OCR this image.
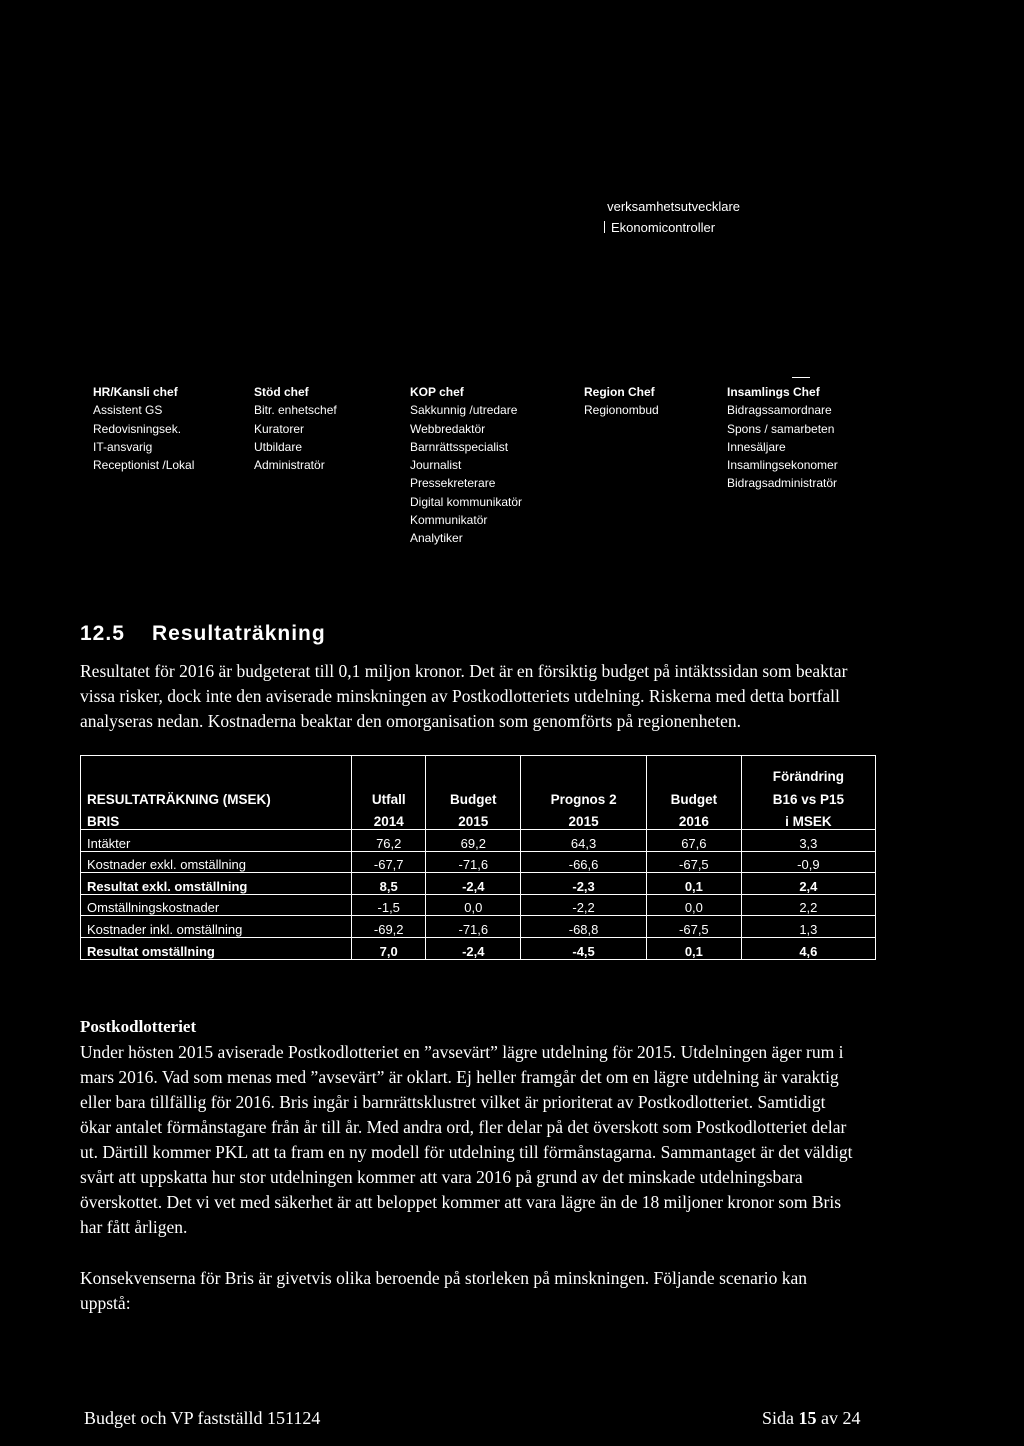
 verksamhetsutvecklare
Ekonomicontroller
HR/Kansli chef
Assistent GS
Redovisningsek.
IT-ansvarig
Receptionist /Lokal
Stöd chef
Bitr. enhetschef
Kuratorer
Utbildare
Administratör
KOP chef
Sakkunnig /utredare
Webbredaktör
Barnrättsspecialist
Journalist
Pressekreterare
Digital kommunikatör
Kommunikatör
Analytiker
Region Chef
Regionombud
Insamlings Chef
Bidragssamordnare
Spons / samarbeten
Innesäljare
Insamlingsekonomer
Bidragsadministratör
12.5 Resultaträkning

Resultatet för 2016 är budgeterat till 0,1 miljon kronor. Det är en försiktig budget på intäktssidan som beaktar

vissa risker, dock inte den aviserade minskningen av Postkodlotteriets utdelning. Riskerna med detta bortfall

analyseras nedan. Kostnaderna beaktar den omorganisation som genomförts på regionenheten.

					Förändring
RESULTATRÄKNING (MSEK)	Utfall	Budget	Prognos 2	Budget	B16 vs P15
BRIS	2014	2015	2015	2016	i MSEK
Intäkter	76,2	69,2	64,3	67,6	3,3
Kostnader exkl. omställning	-67,7	-71,6	-66,6	-67,5	-0,9
Resultat exkl. omställning	8,5	-2,4	-2,3	0,1	2,4
Omställningskostnader	-1,5	0,0	-2,2	0,0	2,2
Kostnader inkl. omställning	-69,2	-71,6	-68,8	-67,5	1,3
Resultat omställning	7,0	-2,4	-4,5	0,1	4,6
Postkodlotteriet

Under hösten 2015 aviserade Postkodlotteriet en ”avsevärt” lägre utdelning för 2015. Utdelningen äger rum i

mars 2016. Vad som menas med ”avsevärt” är oklart. Ej heller framgår det om en lägre utdelning är varaktig

eller bara tillfällig för 2016. Bris ingår i barnrättsklustret vilket är prioriterat av Postkodlotteriet. Samtidigt

ökar antalet förmånstagare från år till år. Med andra ord, fler delar på det överskott som Postkodlotteriet delar

ut. Därtill kommer PKL att ta fram en ny modell för utdelning till förmånstagarna. Sammantaget är det väldigt

svårt att uppskatta hur stor utdelningen kommer att vara 2016 på grund av det minskade utdelningsbara

överskottet. Det vi vet med säkerhet är att beloppet kommer att vara lägre än de 18 miljoner kronor som Bris

har fått årligen.

Konsekvenserna för Bris är givetvis olika beroende på storleken på minskningen. Följande scenario kan

uppstå:

Budget och VP fastställd 151124	Sida 15 av 24
